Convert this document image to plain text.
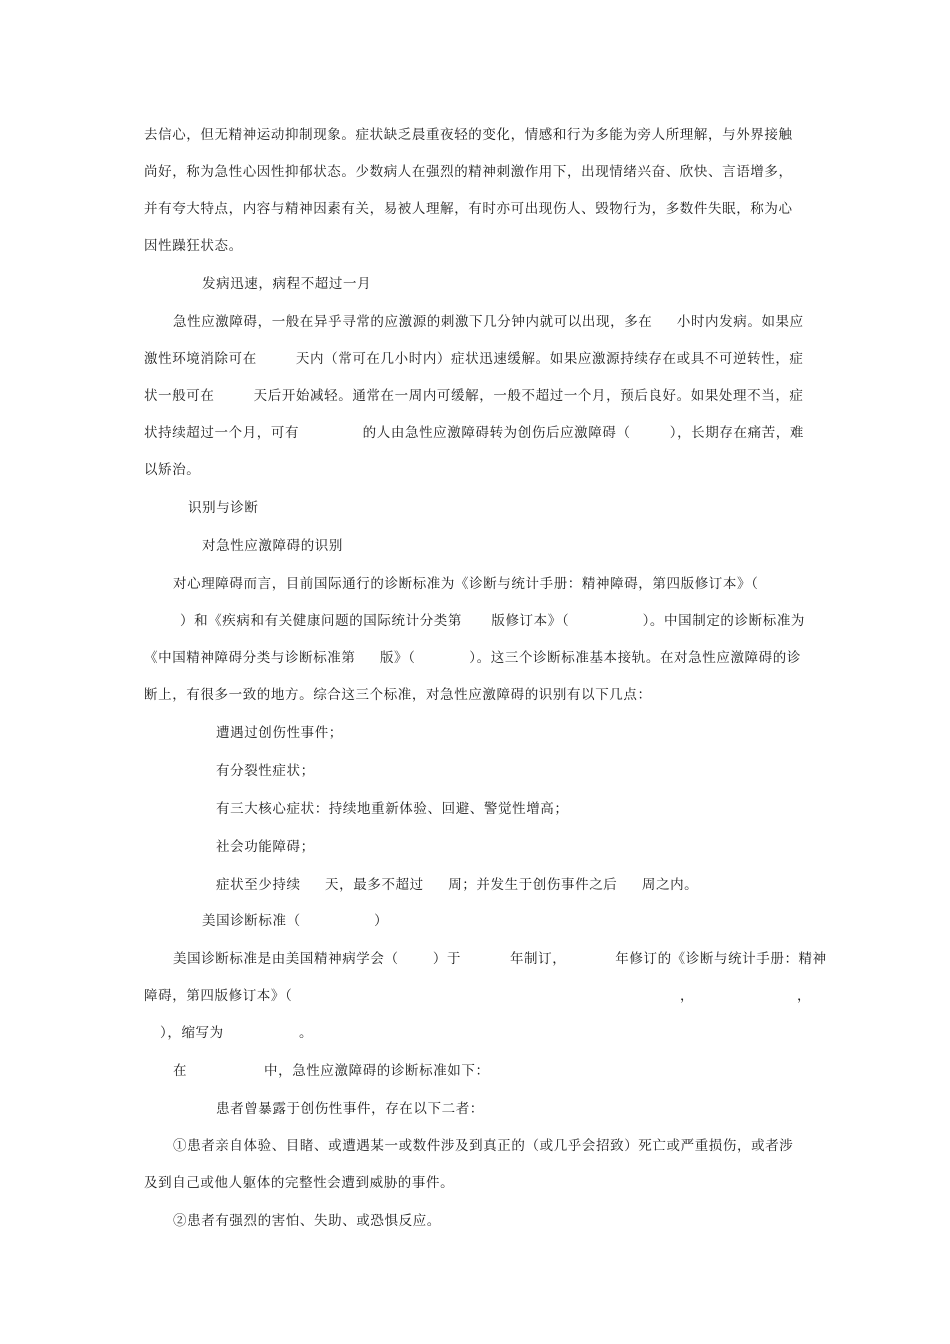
去信心，但无精神运动抑制现象。症状缺乏晨重夜轻的变化，情感和行为多能为旁人所理解，与外界接触
尚好，称为急性心因性抑郁状态。少数病人在强烈的精神刺激作用下，出现情绪兴奋、欣快、言语增多，
并有夸大特点，内容与精神因素有关，易被人理解，有时亦可出现伤人、毁物行为，多数件失眠，称为心
因性躁狂状态。
发病迅速，病程不超过一月
急性应激障碍，一般在异乎寻常的应激源的刺激下几分钟内就可以出现，多在     小时内发病。如果应
激性环境消除可在        天内（常可在几小时内）症状迅速缓解。如果应激源持续存在或具不可逆转性，症
状一般可在        天后开始减轻。通常在一周内可缓解，一般不超过一个月，预后良好。如果处理不当，症
状持续超过一个月，可有             的人由急性应激障碍转为创伤后应激障碍（        ），长期存在痛苦，难
以矫治。
识别与诊断
对急性应激障碍的识别
对心理障碍而言，目前国际通行的诊断标准为《诊断与统计手册：精神障碍，第四版修订本》（
）和《疾病和有关健康问题的国际统计分类第      版修订本》（               ）。中国制定的诊断标准为
《中国精神障碍分类与诊断标准第     版》（           ）。这三个诊断标准基本接轨。在对急性应激障碍的诊
断上，有很多一致的地方。综合这三个标准，对急性应激障碍的识别有以下几点：
遭遇过创伤性事件；
有分裂性症状；
有三大核心症状：持续地重新体验、回避、警觉性增高；
社会功能障碍；
症状至少持续     天，最多不超过     周；并发生于创伤事件之后     周之内。
美国诊断标准（               ）
美国诊断标准是由美国精神病学会（       ）于          年制订，          年修订的《诊断与统计手册：精神
障碍，第四版修订本》（	，	，
），缩写为	。
在	中，急性应激障碍的诊断标准如下：
患者曾暴露于创伤性事件，存在以下二者：
①患者亲自体验、目睹、或遭遇某一或数件涉及到真正的（或几乎会招致）死亡或严重损伤，或者涉
及到自己或他人躯体的完整性会遭到威胁的事件。
②患者有强烈的害怕、失助、或恐惧反应。
